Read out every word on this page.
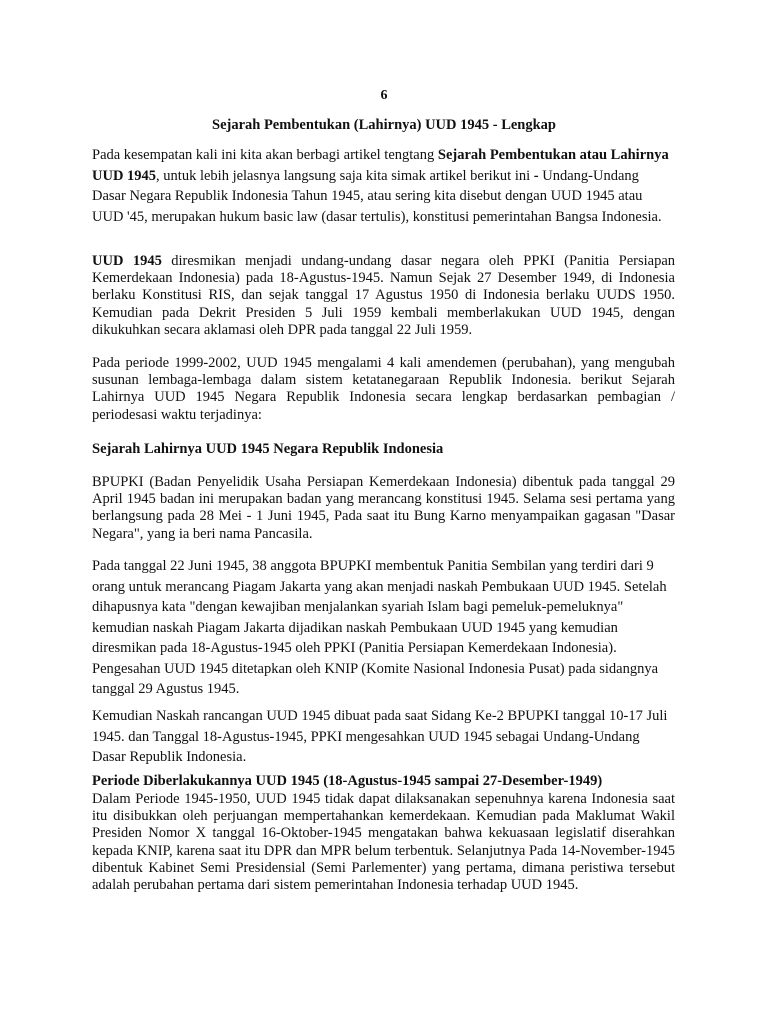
6
Sejarah Pembentukan (Lahirnya) UUD 1945 - Lengkap

Pada kesempatan kali ini kita akan berbagi artikel tengtang Sejarah Pembentukan atau Lahirnya UUD 1945, untuk lebih jelasnya langsung saja kita simak artikel berikut ini - Undang-Undang Dasar Negara Republik Indonesia Tahun 1945, atau sering kita disebut dengan UUD 1945 atau UUD '45, merupakan hukum basic law (dasar tertulis), konstitusi pemerintahan Bangsa Indonesia.

UUD 1945 diresmikan menjadi undang-undang dasar negara oleh PPKI (Panitia Persiapan Kemerdekaan Indonesia) pada 18-Agustus-1945. Namun Sejak 27 Desember 1949, di Indonesia berlaku Konstitusi RIS, dan sejak tanggal 17 Agustus 1950 di Indonesia berlaku UUDS 1950. Kemudian pada Dekrit Presiden 5 Juli 1959 kembali memberlakukan UUD 1945, dengan dikukuhkan secara aklamasi oleh DPR pada tanggal 22 Juli 1959.

Pada periode 1999-2002, UUD 1945 mengalami 4 kali amendemen (perubahan), yang mengubah susunan lembaga-lembaga dalam sistem ketatanegaraan Republik Indonesia. berikut Sejarah Lahirnya UUD 1945 Negara Republik Indonesia secara lengkap berdasarkan pembagian / periodesasi waktu terjadinya:

Sejarah Lahirnya UUD 1945 Negara Republik Indonesia

BPUPKI (Badan Penyelidik Usaha Persiapan Kemerdekaan Indonesia) dibentuk pada tanggal 29 April 1945 badan ini merupakan badan yang merancang konstitusi 1945. Selama sesi pertama yang berlangsung pada 28 Mei - 1 Juni 1945, Pada saat itu Bung Karno menyampaikan gagasan "Dasar Negara", yang ia beri nama Pancasila.

Pada tanggal 22 Juni 1945, 38 anggota BPUPKI membentuk Panitia Sembilan yang terdiri dari 9 orang untuk merancang Piagam Jakarta yang akan menjadi naskah Pembukaan UUD 1945. Setelah dihapusnya kata "dengan kewajiban menjalankan syariah Islam bagi pemeluk-pemeluknya" kemudian naskah Piagam Jakarta dijadikan naskah Pembukaan UUD 1945 yang kemudian diresmikan pada 18-Agustus-1945 oleh PPKI (Panitia Persiapan Kemerdekaan Indonesia). Pengesahan UUD 1945 ditetapkan oleh KNIP (Komite Nasional Indonesia Pusat) pada sidangnya tanggal 29 Agustus 1945.

Kemudian Naskah rancangan UUD 1945 dibuat pada saat Sidang Ke-2 BPUPKI tanggal 10-17 Juli 1945. dan Tanggal 18-Agustus-1945, PPKI mengesahkan UUD 1945 sebagai Undang-Undang Dasar Republik Indonesia.

Periode Diberlakukannya UUD 1945 (18-Agustus-1945 sampai 27-Desember-1949)

Dalam Periode 1945-1950, UUD 1945 tidak dapat dilaksanakan sepenuhnya karena Indonesia saat itu disibukkan oleh perjuangan mempertahankan kemerdekaan. Kemudian pada Maklumat Wakil Presiden Nomor X tanggal 16-Oktober-1945 mengatakan bahwa kekuasaan legislatif diserahkan kepada KNIP, karena saat itu DPR dan MPR belum terbentuk. Selanjutnya Pada 14-November-1945 dibentuk Kabinet Semi Presidensial (Semi Parlementer) yang pertama, dimana peristiwa tersebut adalah perubahan pertama dari sistem pemerintahan Indonesia terhadap UUD 1945.
